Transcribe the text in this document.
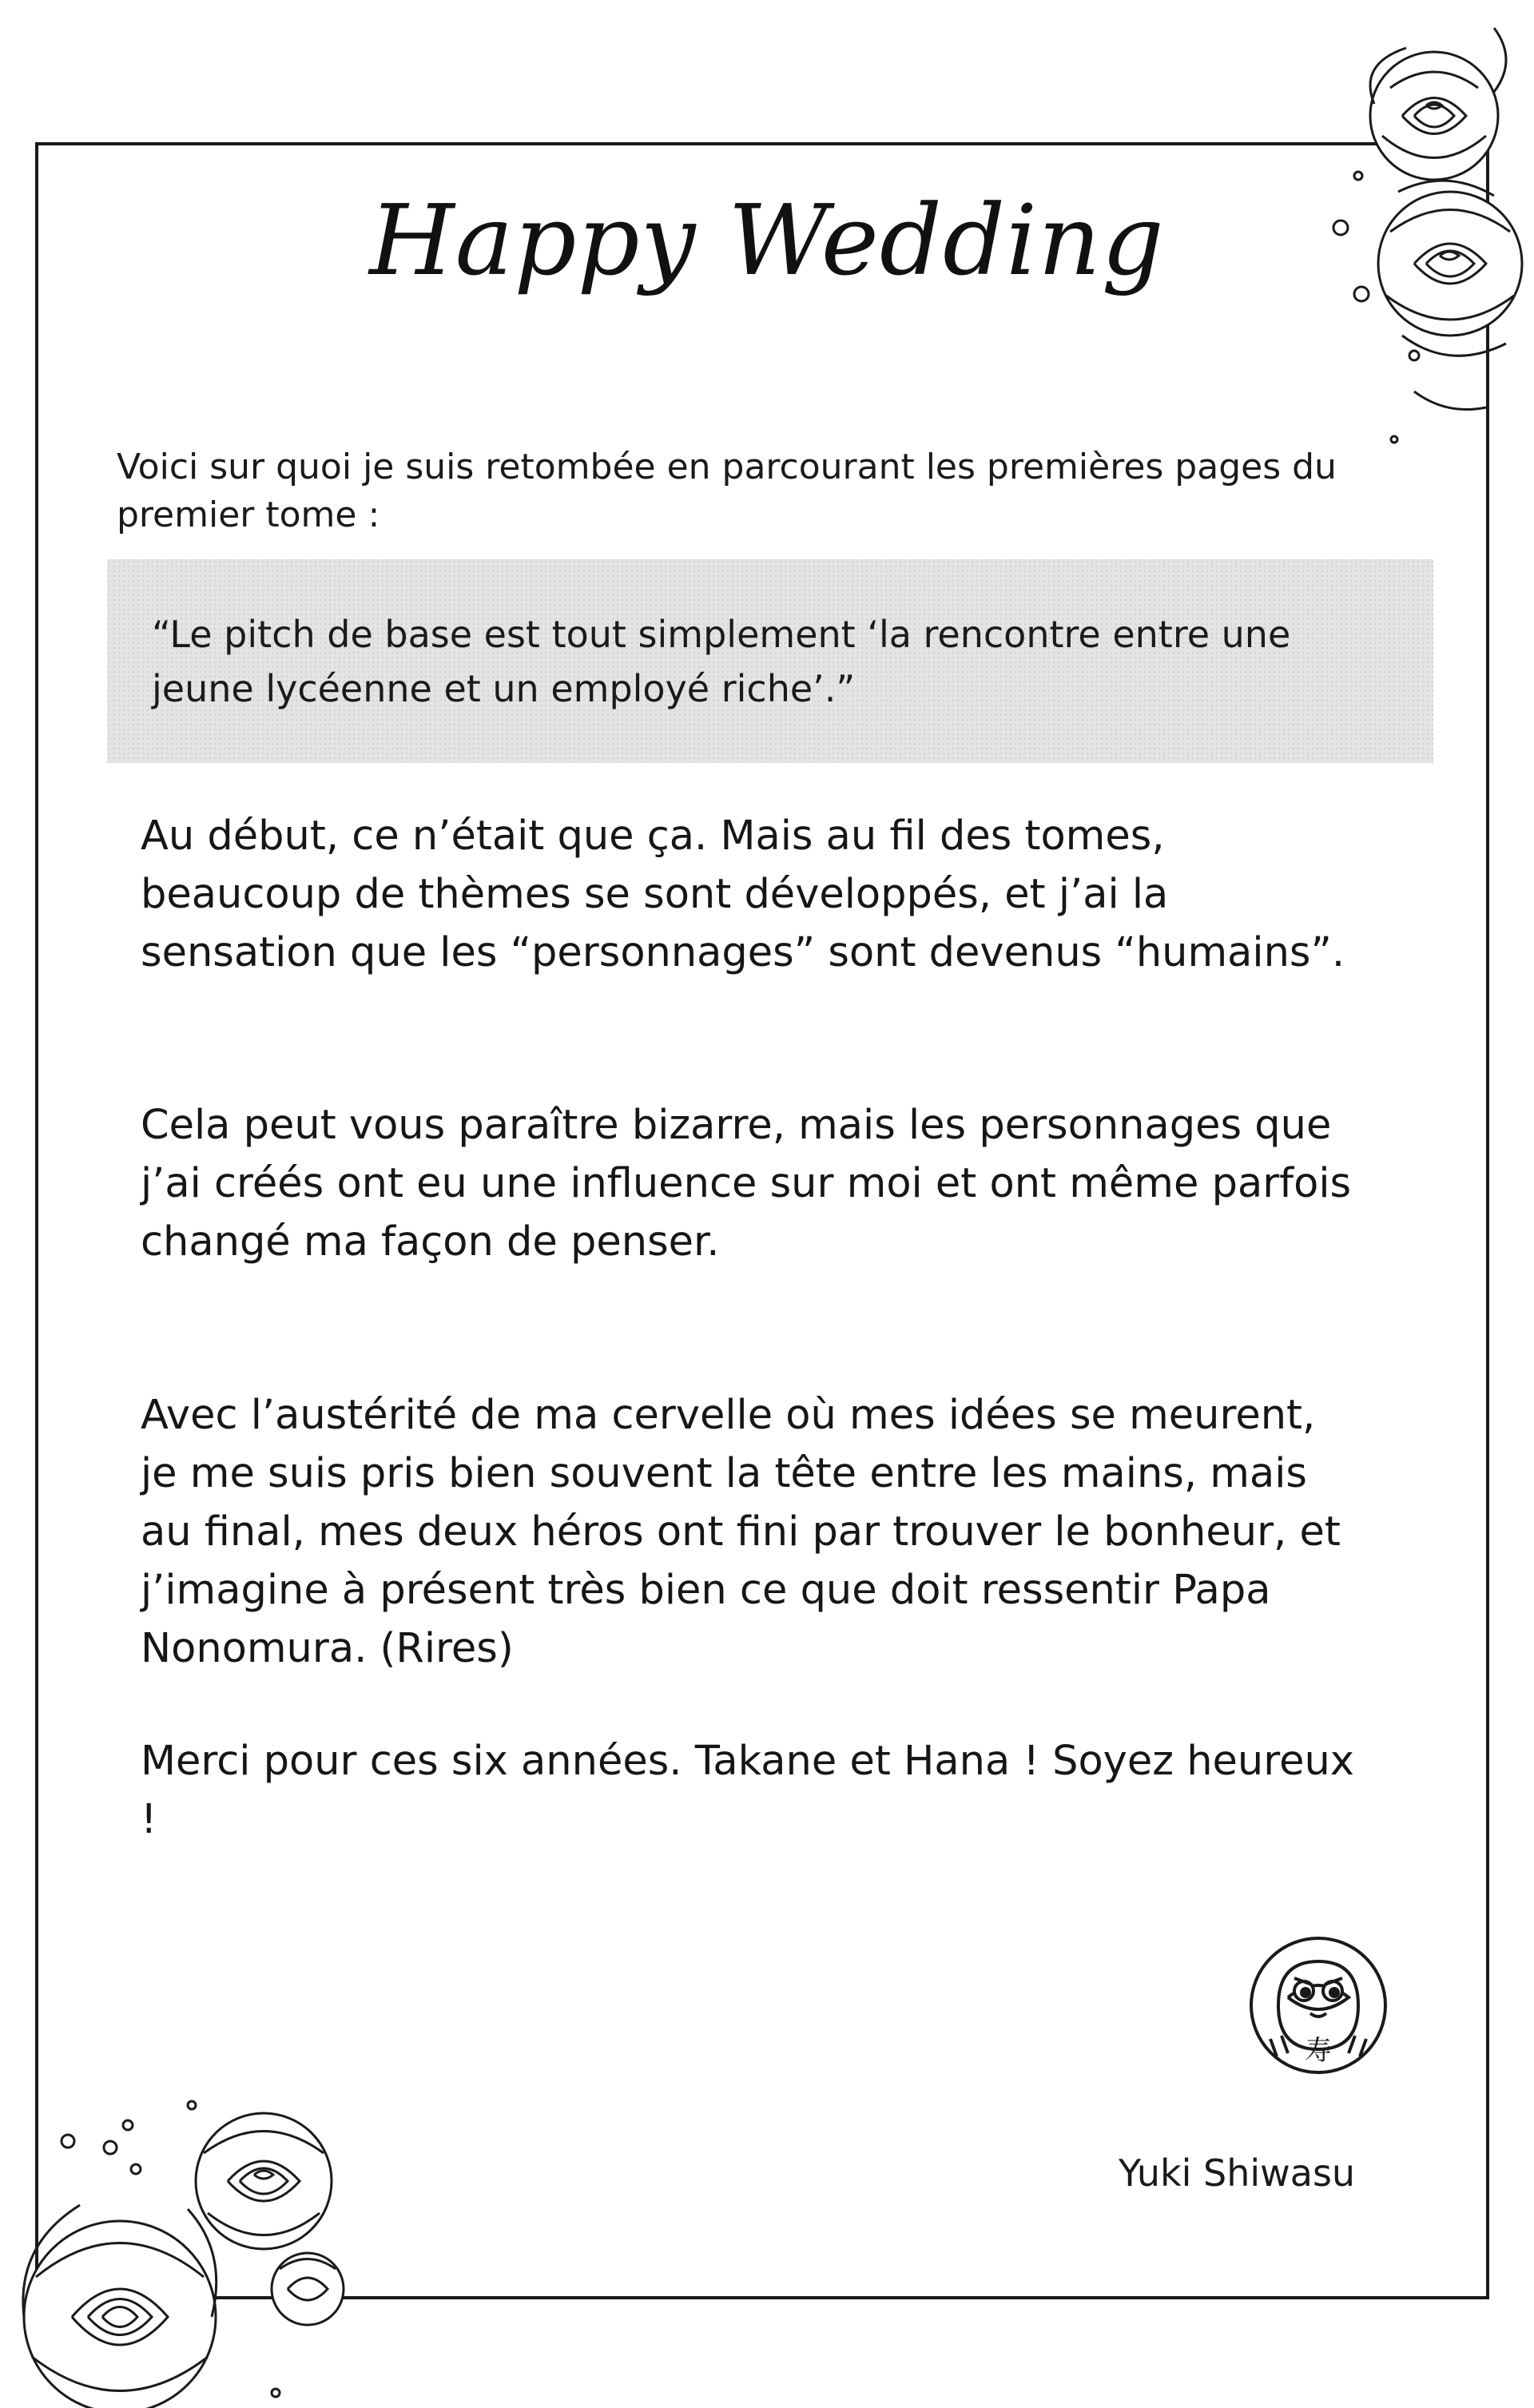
Happy Wedding
Voici sur quoi je suis retombée en parcourant les premières pages du premier tome :
“Le pitch de base est tout simplement ‘la rencontre entre une jeune lycéenne et un employé riche’.”

Au début, ce n’était que ça. Mais au fil des tomes, beaucoup de thèmes se sont développés, et j’ai la sensation que les “personnages” sont devenus “humains”.

Cela peut vous paraître bizarre, mais les personnages que j’ai créés ont eu une influence sur moi et ont même parfois changé ma façon de penser.

Avec l’austérité de ma cervelle où mes idées se meurent, je me suis pris bien souvent la tête entre les mains, mais au final, mes deux héros ont fini par trouver le bonheur, et j’imagine à présent très bien ce que doit ressentir Papa Nonomura. (Rires)

Merci pour ces six années. Takane et Hana ! Soyez heureux !

寿
Yuki Shiwasu
